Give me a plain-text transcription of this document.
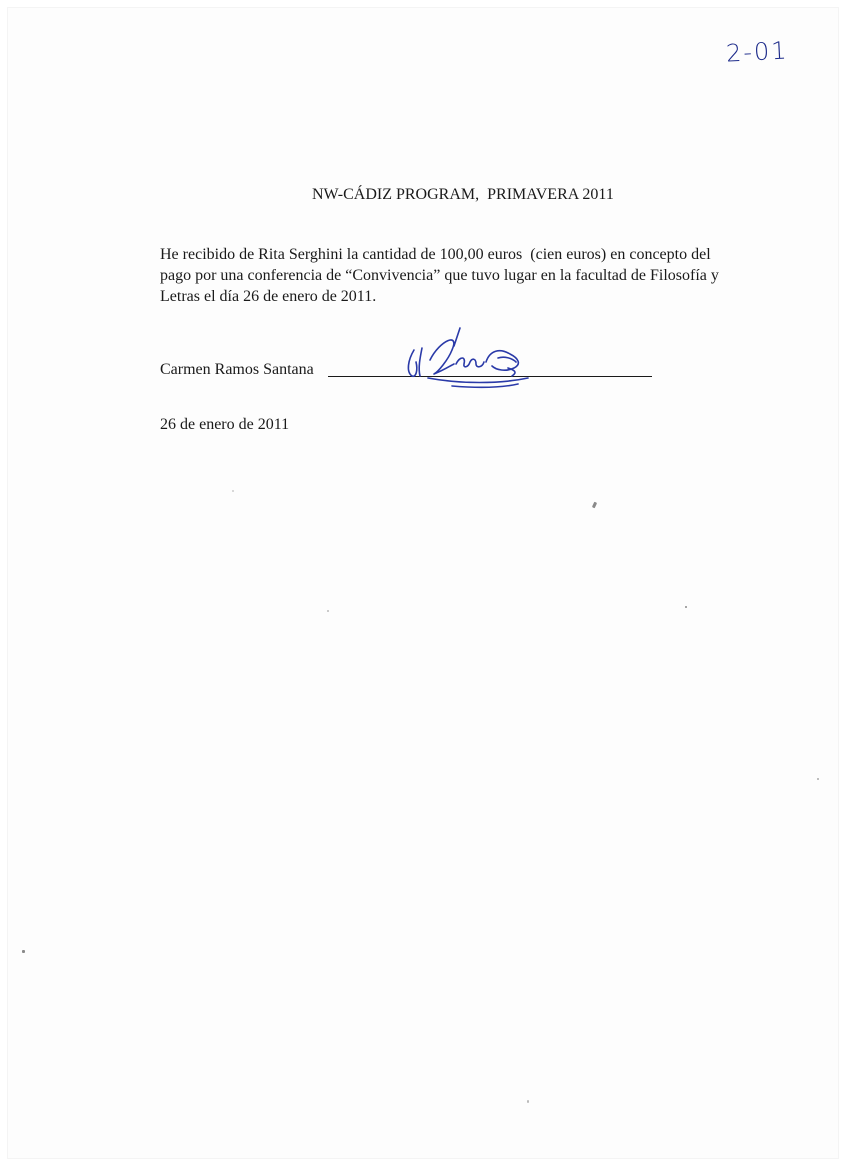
2-01
NW-CÁDIZ PROGRAM,  PRIMAVERA 2011
He recibido de Rita Serghini la cantidad de 100,00 euros  (cien euros) en concepto del
pago por una conferencia de “Convivencia” que tuvo lugar en la facultad de Filosofía y
Letras el día 26 de enero de 2011.
Carmen Ramos Santana
26 de enero de 2011
